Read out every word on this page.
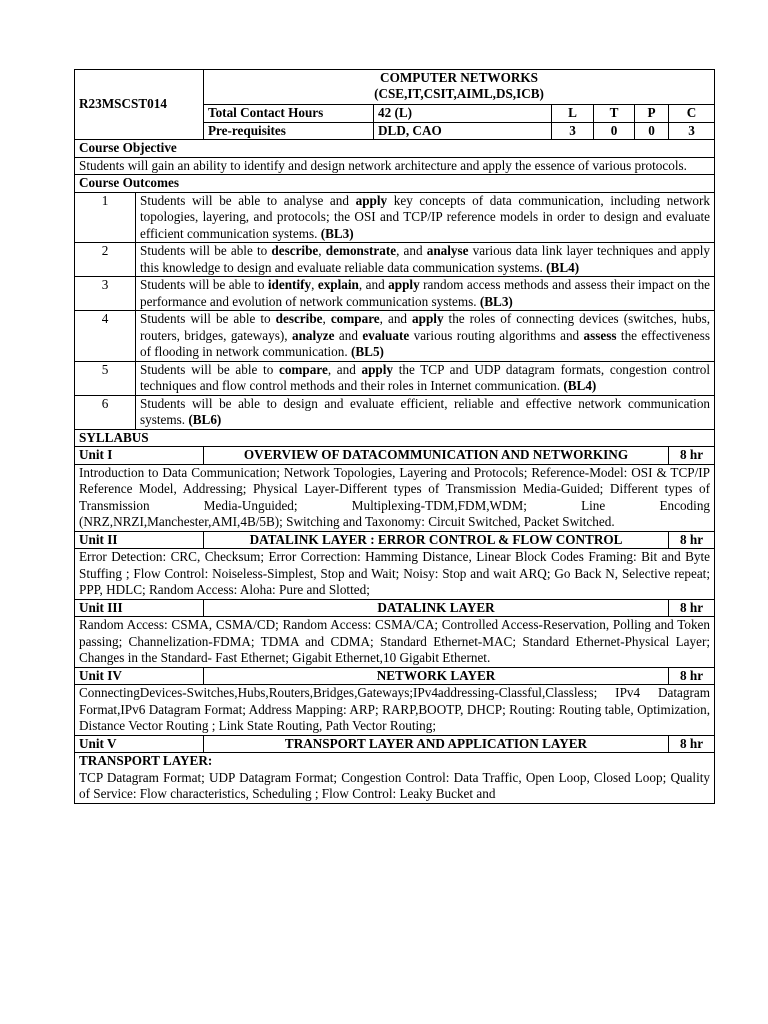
R23MSCST014		COMPUTER NETWORKS
(CSE,IT,CSIT,AIML,DS,ICB)					

		Total Contact Hours	42 (L)	L	T	P	C
		Pre-requisites	DLD, CAO	3	0	0	3
Course Objective							
Students will gain an ability to identify and design network architecture and apply the essence of various protocols.							
Course Outcomes							
1	Students will be able to analyse and apply key concepts of data communication, including network topologies, layering, and protocols; the OSI and TCP/IP reference models in order to design and evaluate efficient communication systems. (BL3)						
2	Students will be able to describe, demonstrate, and analyse various data link layer techniques and apply this knowledge to design and evaluate reliable data communication systems. (BL4)						
3	Students will be able to identify, explain, and apply random access methods and assess their impact on the performance and evolution of network communication systems. (BL3)						
4	Students will be able to describe, compare, and apply the roles of connecting devices (switches, hubs, routers, bridges, gateways), analyze and evaluate various routing algorithms and assess the effectiveness of flooding in network communication. (BL5)						
5	Students will be able to compare, and apply the TCP and UDP datagram formats, congestion control techniques and flow control methods and their roles in Internet communication. (BL4)						
6	Students will be able to design and evaluate efficient, reliable and effective network communication systems. (BL6)						
SYLLABUS							
Unit I		OVERVIEW OF DATACOMMUNICATION AND NETWORKING					8 hr

Introduction to Data Communication; Network Topologies, Layering and Protocols; Reference-Model: OSI & TCP/IP Reference Model, Addressing; Physical Layer-Different types of Transmission Media-Guided; Different types of Transmission Media-Unguided; Multiplexing-TDM,FDM,WDM; Line Encoding (NRZ,NRZI,Manchester,AMI,4B/5B); Switching and Taxonomy: Circuit Switched, Packet Switched.							

Unit II		DATALINK LAYER : ERROR CONTROL & FLOW CONTROL					8 hr

Error Detection: CRC, Checksum; Error Correction: Hamming Distance, Linear Block Codes Framing: Bit and Byte Stuffing ; Flow Control: Noiseless-Simplest, Stop and Wait; Noisy: Stop and wait ARQ; Go Back N, Selective repeat; PPP, HDLC; Random Access: Aloha: Pure and Slotted;							

Unit III		DATALINK LAYER					8 hr

Random Access: CSMA, CSMA/CD; Random Access: CSMA/CA; Controlled Access-Reservation, Polling and Token passing; Channelization-FDMA; TDMA and CDMA; Standard Ethernet-MAC; Standard Ethernet-Physical Layer; Changes in the Standard- Fast Ethernet; Gigabit Ethernet,10 Gigabit Ethernet.							

Unit IV		NETWORK LAYER					8 hr

ConnectingDevices-Switches,Hubs,Routers,Bridges,Gateways;IPv4addressing-Classful,Classless; IPv4 Datagram Format,IPv6 Datagram Format; Address Mapping: ARP; RARP,BOOTP, DHCP; Routing: Routing table, Optimization, Distance Vector Routing ; Link State Routing, Path Vector Routing;							

Unit V		TRANSPORT LAYER AND APPLICATION LAYER					8 hr

TRANSPORT LAYER:
TCP Datagram Format; UDP Datagram Format; Congestion Control: Data Traffic, Open Loop, Closed Loop; Quality of Service: Flow characteristics, Scheduling ; Flow Control: Leaky Bucket and							
